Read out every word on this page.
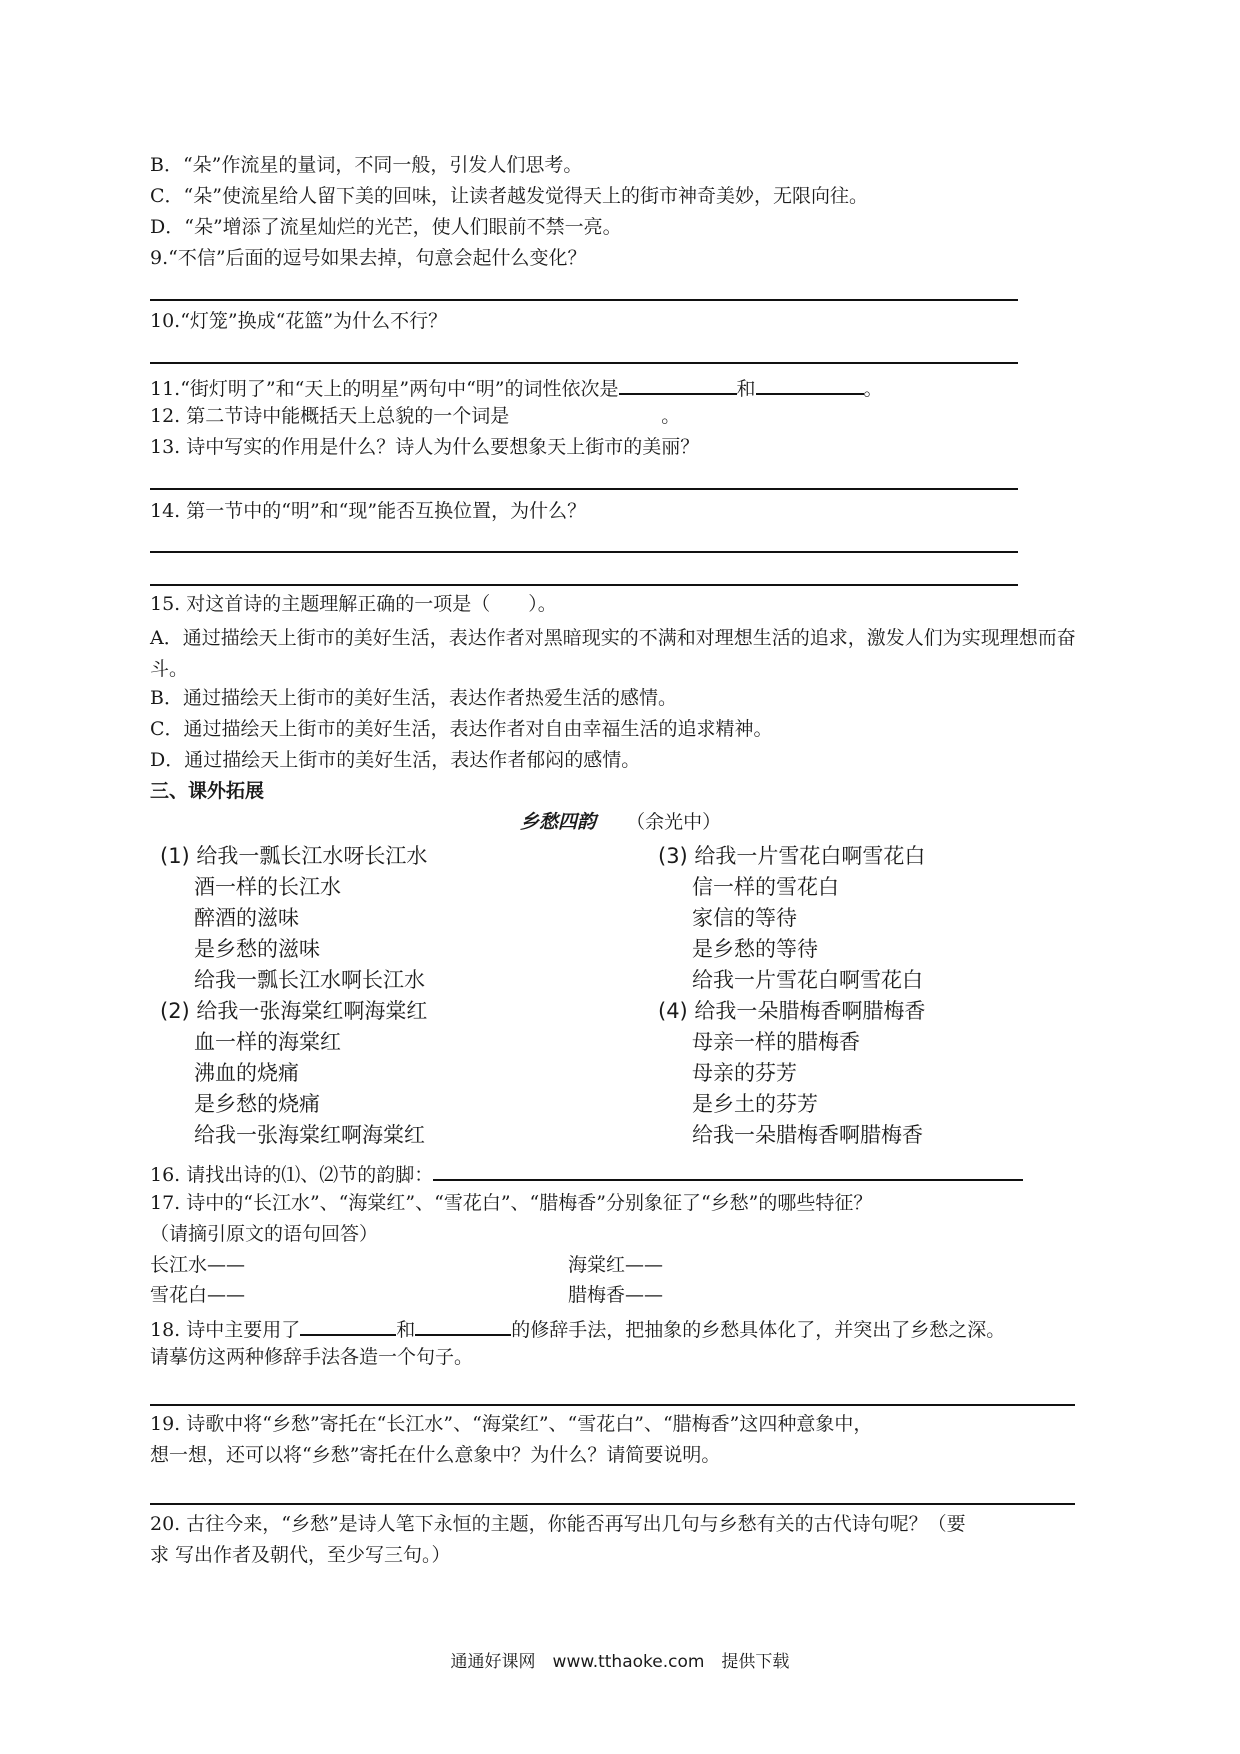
B．“朵”作流星的量词，不同一般，引发人们思考。
C．“朵”使流星给人留下美的回味，让读者越发觉得天上的街市神奇美妙，无限向往。
D．“朵”增添了流星灿烂的光芒，使人们眼前不禁一亮。
9.“不信”后面的逗号如果去掉，句意会起什么变化？
10.“灯笼”换成“花篮”为什么不行？
11.“街灯明了”和“天上的明星”两句中“明”的词性依次是	和	。
12. 第二节诗中能概括天上总貌的一个词是	。
13. 诗中写实的作用是什么？诗人为什么要想象天上街市的美丽？
14. 第一节中的“明”和“现”能否互换位置，为什么？
15. 对这首诗的主题理解正确的一项是（　　）。
A．通过描绘天上街市的美好生活，表达作者对黑暗现实的不满和对理想生活的追求，激发人们为实现理想而奋斗。
B．通过描绘天上街市的美好生活，表达作者热爱生活的感情。
C．通过描绘天上街市的美好生活，表达作者对自由幸福生活的追求精神。
D．通过描绘天上街市的美好生活，表达作者郁闷的感情。
三、课外拓展
乡愁四韵 （余光中）
(1) 给我一瓢长江水呀长江水
酒一样的长江水
醉酒的滋味
是乡愁的滋味
给我一瓢长江水啊长江水
(2) 给我一张海棠红啊海棠红
血一样的海棠红
沸血的烧痛
是乡愁的烧痛
给我一张海棠红啊海棠红
(3) 给我一片雪花白啊雪花白
信一样的雪花白
家信的等待
是乡愁的等待
给我一片雪花白啊雪花白
(4) 给我一朵腊梅香啊腊梅香
母亲一样的腊梅香
母亲的芬芳
是乡土的芬芳
给我一朵腊梅香啊腊梅香
16. 请找出诗的⑴、⑵节的韵脚：
17. 诗中的“长江水”、“海棠红”、“雪花白”、“腊梅香”分别象征了“乡愁”的哪些特征？
（请摘引原文的语句回答）
长江水——	海棠红——
雪花白——	腊梅香——
18. 诗中主要用了	和	的修辞手法，把抽象的乡愁具体化了，并突出了乡愁之深。
请摹仿这两种修辞手法各造一个句子。
19. 诗歌中将“乡愁”寄托在“长江水”、“海棠红”、“雪花白”、“腊梅香”这四种意象中，
想一想，还可以将“乡愁”寄托在什么意象中？为什么？请简要说明。
20. 古往今来，“乡愁”是诗人笔下永恒的主题，你能否再写出几句与乡愁有关的古代诗句呢？（要
求 写出作者及朝代，至少写三句。）
通通好课网　www.tthaoke.com　提供下载
